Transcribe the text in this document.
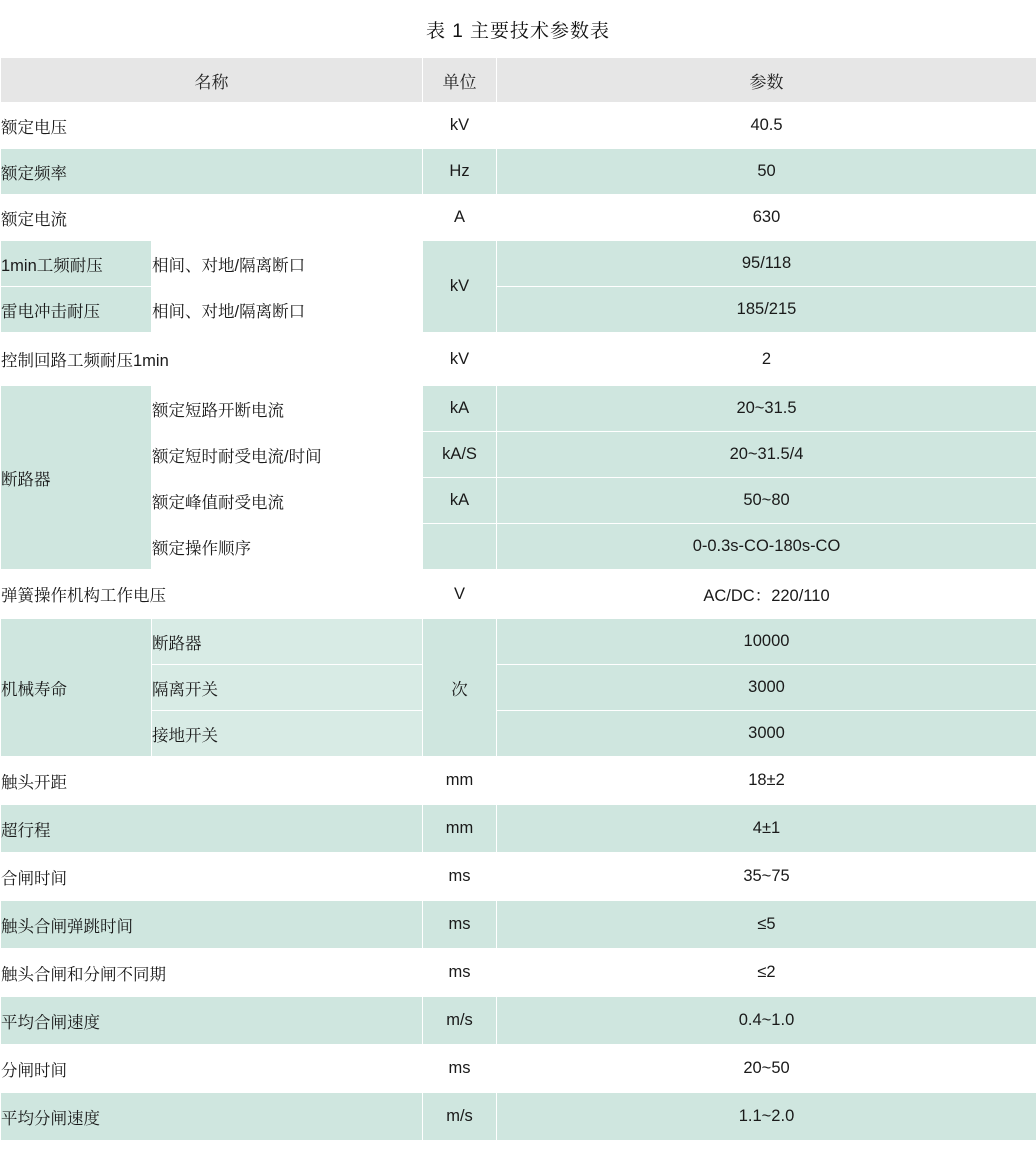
表 1 主要技术参数表
名称		单位	参数
额定电压		kV	40.5
额定频率		Hz	50
额定电流		A	630
1min工频耐压	相间、对地/隔离断口	kV	95/118
雷电冲击耐压	相间、对地/隔离断口		185/215
控制回路工频耐压1min		kV	2
断路器	额定短路开断电流	kA	20~31.5
	额定短时耐受电流/时间	kA/S	20~31.5/4
	额定峰值耐受电流	kA	50~80
	额定操作顺序		0-0.3s-CO-180s-CO
弹簧操作机构工作电压		V	AC/DC：220/110
机械寿命	断路器	次	10000
	隔离开关		3000
	接地开关		3000
触头开距		mm	18±2
超行程		mm	4±1
合闸时间		ms	35~75
触头合闸弹跳时间		ms	≤5
触头合闸和分闸不同期		ms	≤2
平均合闸速度		m/s	0.4~1.0
分闸时间		ms	20~50
平均分闸速度		m/s	1.1~2.0
